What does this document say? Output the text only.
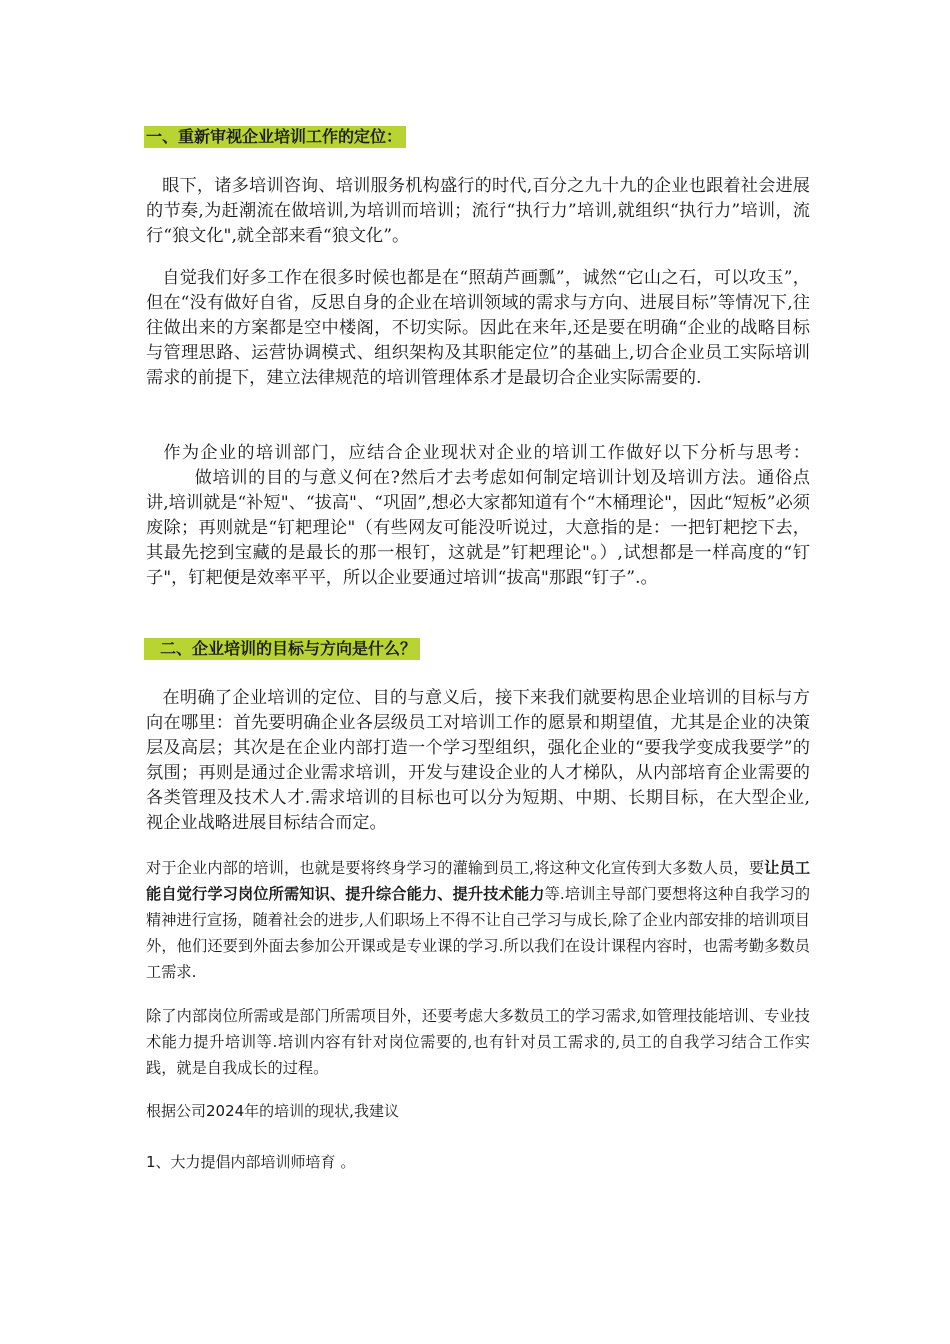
一、重新审视企业培训工作的定位：

眼下，诸多培训咨询、培训服务机构盛行的时代,百分之九十九的企业也跟着社会进展的节奏,为赶潮流在做培训,为培训而培训；流行“执行力”培训,就组织“执行力”培训，流行“狼文化",就全部来看“狼文化”。

自觉我们好多工作在很多时候也都是在“照葫芦画瓢”，诚然“它山之石，可以攻玉”，但在“没有做好自省，反思自身的企业在培训领域的需求与方向、进展目标”等情况下,往往做出来的方案都是空中楼阁，不切实际。因此在来年,还是要在明确“企业的战略目标与管理思路、运营协调模式、组织架构及其职能定位”的基础上,切合企业员工实际培训需求的前提下，建立法律规范的培训管理体系才是最切合企业实际需要的.

作为企业的培训部门，应结合企业现状对企业的培训工作做好以下分析与思考：做培训的目的与意义何在?然后才去考虑如何制定培训计划及培训方法。通俗点讲,培训就是“补短"、“拔高"、“巩固”,想必大家都知道有个“木桶理论"，因此“短板”必须废除；再则就是“钉耙理论"（有些网友可能没听说过，大意指的是：一把钉耙挖下去，其最先挖到宝藏的是最长的那一根钉，这就是”钉耙理论"。）,试想都是一样高度的“钉子"，钉耙便是效率平平，所以企业要通过培训“拔高"那跟“钉子”.。

二、企业培训的目标与方向是什么？

在明确了企业培训的定位、目的与意义后，接下来我们就要构思企业培训的目标与方向在哪里：首先要明确企业各层级员工对培训工作的愿景和期望值，尤其是企业的决策层及高层；其次是在企业内部打造一个学习型组织，强化企业的“要我学变成我要学”的氛围；再则是通过企业需求培训，开发与建设企业的人才梯队，从内部培育企业需要的各类管理及技术人才.需求培训的目标也可以分为短期、中期、长期目标，在大型企业,视企业战略进展目标结合而定。

对于企业内部的培训，也就是要将终身学习的灌输到员工,将这种文化宣传到大多数人员，要让员工能自觉行学习岗位所需知识、提升综合能力、提升技术能力等.培训主导部门要想将这种自我学习的精神进行宣扬，随着社会的进步,人们职场上不得不让自己学习与成长,除了企业内部安排的培训项目外，他们还要到外面去参加公开课或是专业课的学习.所以我们在设计课程内容时，也需考勤多数员工需求.

除了内部岗位所需或是部门所需项目外，还要考虑大多数员工的学习需求,如管理技能培训、专业技术能力提升培训等.培训内容有针对岗位需要的,也有针对员工需求的,员工的自我学习结合工作实践，就是自我成长的过程。

根据公司2024年的培训的现状,我建议
1、大力提倡内部培训师培育 。
